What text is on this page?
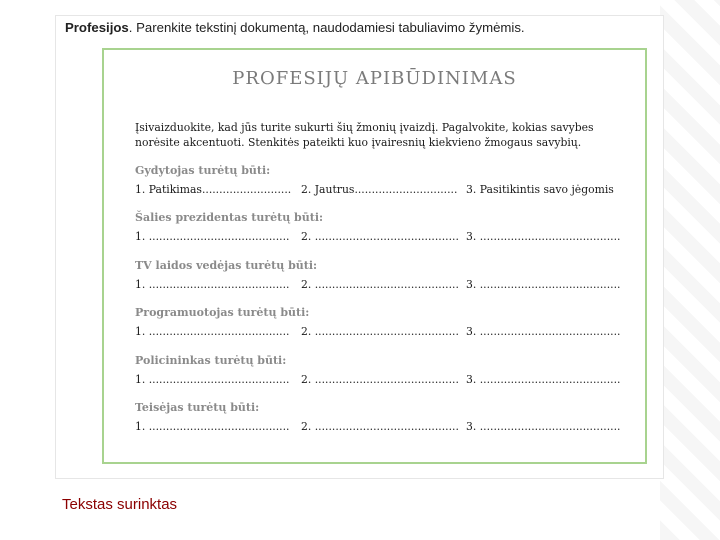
Profesijos. Parenkite tekstinį dokumentą, naudodamiesi tabuliavimo žymėmis.
PROFESIJŲ APIBŪDINIMAS
Įsivaizduokite, kad jūs turite sukurti šių žmonių įvaizdį. Pagalvokite, kokias savybes norėsite akcentuoti. Stenkitės pateikti kuo įvairesnių kiekvieno žmogaus savybių.
Gydytojas turėtų būti:
1. Patikimas.......................... 2. Jautrus.............................. 3. Pasitikintis savo jėgomis
Šalies prezidentas turėtų būti:
1. ......................................... 2. .......................................... 3. .........................................
TV laidos vedėjas turėtų būti:
1. ......................................... 2. .......................................... 3. .........................................
Programuotojas turėtų būti:
1. ......................................... 2. .......................................... 3. .........................................
Policininkas turėtų būti:
1. ......................................... 2. .......................................... 3. .........................................
Teisėjas turėtų būti:
1. ......................................... 2. .......................................... 3. .........................................
Tekstas surinktas
